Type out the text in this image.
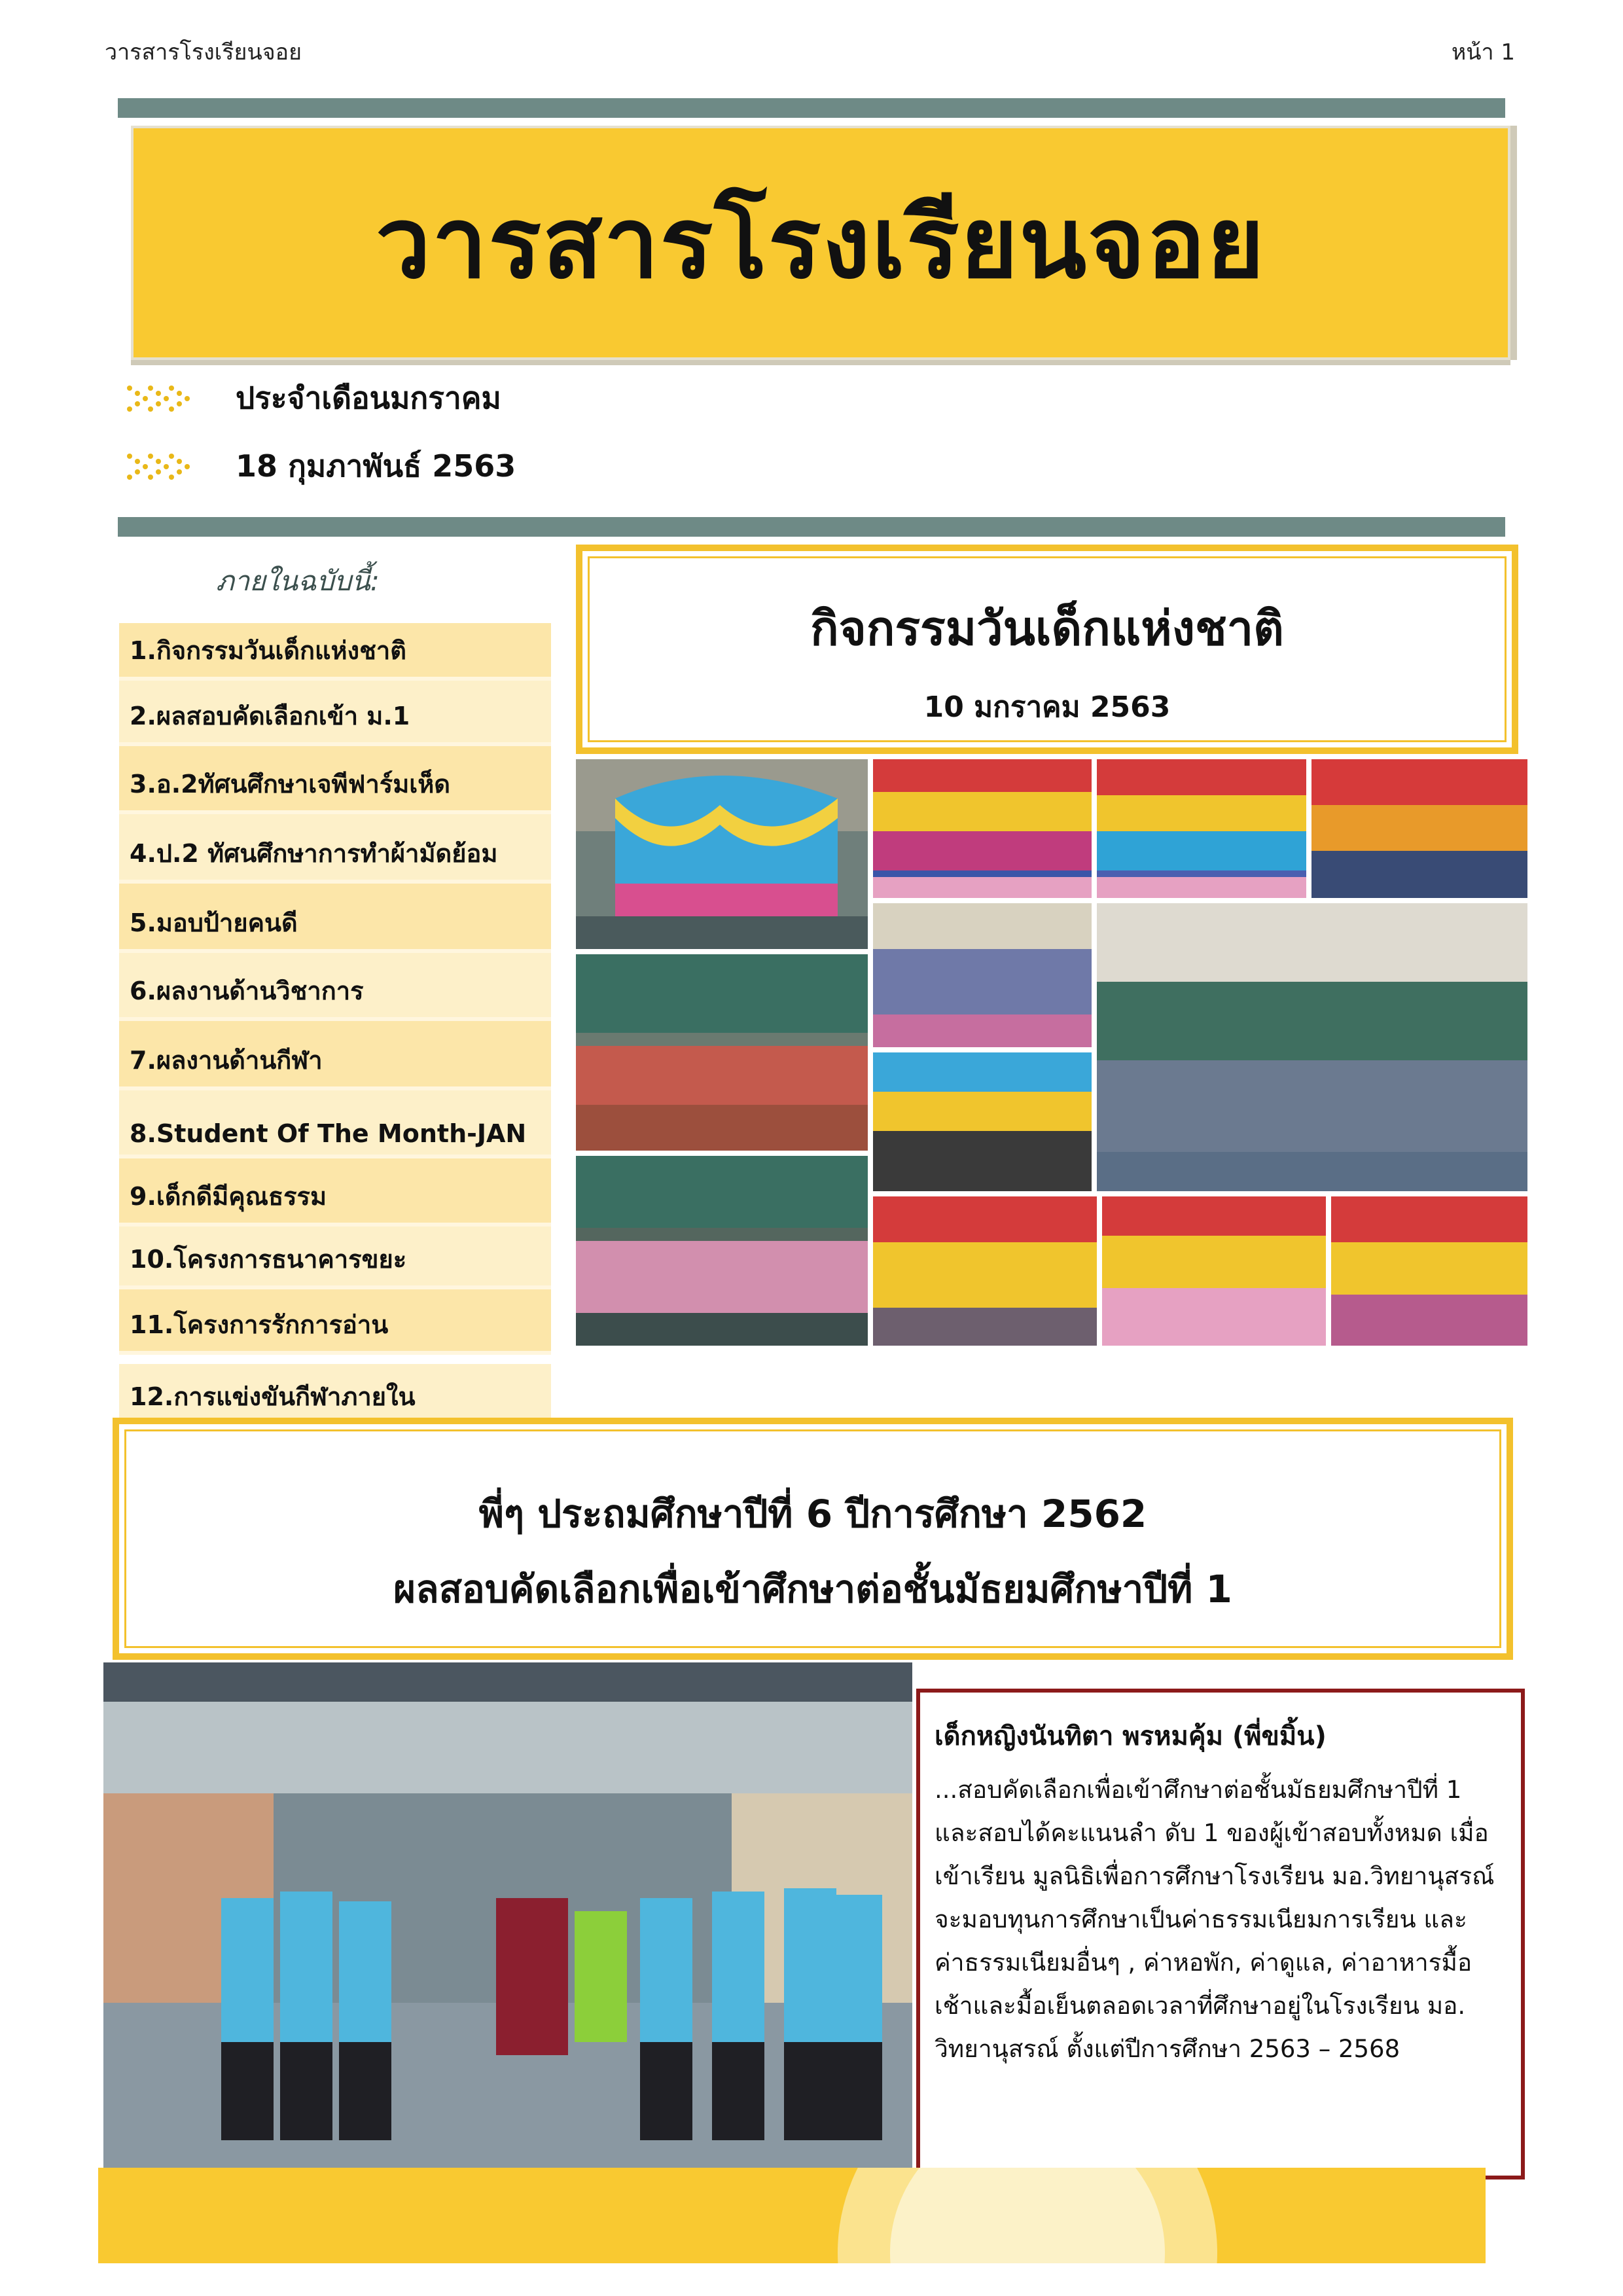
วารสารโรงเรียนจอย	หน้า 1
วารสารโรงเรียนจอย
ประจำเดือนมกราคม
18 กุมภาพันธ์ 2563
ภายในฉบับนี้:
1.กิจกรรมวันเด็กแห่งชาติ
2.ผลสอบคัดเลือกเข้า ม.1
3.อ.2ทัศนศึกษาเจพีฟาร์มเห็ด
4.ป.2 ทัศนศึกษาการทำผ้ามัดย้อม
5.มอบป้ายคนดี
6.ผลงานด้านวิชาการ
7.ผลงานด้านกีฬา
8.Student Of The Month-JAN
9.เด็กดีมีคุณธรรม
10.โครงการธนาคารขยะ
11.โครงการรักการอ่าน
12.การแข่งขันกีฬาภายใน
กิจกรรมวันเด็กแห่งชาติ
10 มกราคม 2563
พี่ๆ ประถมศึกษาปีที่ 6 ปีการศึกษา 2562
ผลสอบคัดเลือกเพื่อเข้าศึกษาต่อชั้นมัธยมศึกษาปีที่ 1
เด็กหญิงนันทิตา พรหมคุ้ม (พี่ขมิ้น)
...สอบคัดเลือกเพื่อเข้าศึกษาต่อชั้นมัธยมศึกษาปีที่ 1
และสอบได้คะแนนลำ ดับ 1 ของผู้เข้าสอบทั้งหมด เมื่อ
เข้าเรียน มูลนิธิเพื่อการศึกษาโรงเรียน มอ.วิทยานุสรณ์
จะมอบทุนการศึกษาเป็นค่าธรรมเนียมการเรียน และ
ค่าธรรมเนียมอื่นๆ , ค่าหอพัก, ค่าดูแล, ค่าอาหารมื้อ
เช้าและมื้อเย็นตลอดเวลาที่ศึกษาอยู่ในโรงเรียน มอ.
วิทยานุสรณ์ ตั้งแต่ปีการศึกษา 2563 – 2568
